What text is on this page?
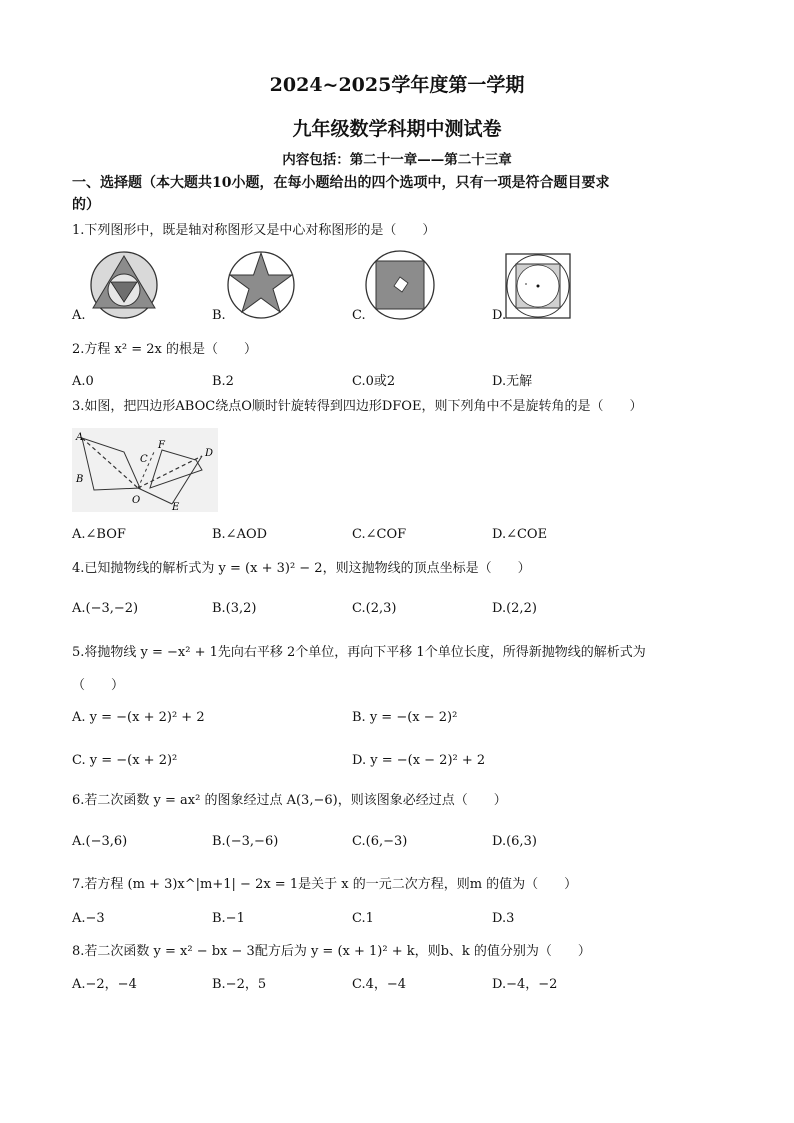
2024~2025学年度第一学期
九年级数学科期中测试卷
内容包括：第二十一章——第二十三章
一、选择题（本大题共10小题，在每小题给出的四个选项中，只有一项是符合题目要求
的）
1.下列图形中，既是轴对称图形又是中心对称图形的是（　　）
A.	B.	C.	D.
2.方程 x² = 2x 的根是（　　）
A.0	B.2	C.0或2	D.无解
3.如图，把四边形ABOC绕点O顺时针旋转得到四边形DFOE，则下列角中不是旋转角的是（　　）
A
B
C
O
F
D
E
A.∠BOF	B.∠AOD	C.∠COF	D.∠COE
4.已知抛物线的解析式为 y = (x + 3)² − 2，则这抛物线的顶点坐标是（　　）
A.(−3,−2)	B.(3,2)	C.(2,3)	D.(2,2)
5.将抛物线 y = −x² + 1先向右平移 2个单位，再向下平移 1个单位长度，所得新抛物线的解析式为
（　　）
A. y = −(x + 2)² + 2	B. y = −(x − 2)²
C. y = −(x + 2)²	D. y = −(x − 2)² + 2
6.若二次函数 y = ax² 的图象经过点 A(3,−6)，则该图象必经过点（　　）
A.(−3,6)	B.(−3,−6)	C.(6,−3)	D.(6,3)
7.若方程 (m + 3)x^|m+1| − 2x = 1是关于 x 的一元二次方程，则m 的值为（　　）
A.−3	B.−1	C.1	D.3
8.若二次函数 y = x² − bx − 3配方后为 y = (x + 1)² + k，则b、k 的值分别为（　　）
A.−2，−4	B.−2，5	C.4，−4	D.−4，−2
